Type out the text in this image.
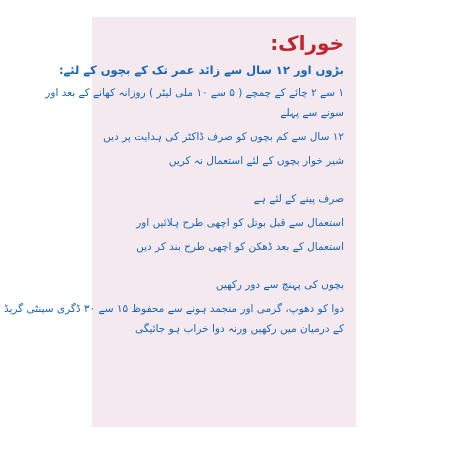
خوراک:
بڑوں اور ۱۲ سال سے زائد عمر تک کے بچوں کے لئے:
۱ سے ۲ چائے کے چمچے ( ۵ سے ۱۰ ملی لیٹر ) روزانہ کھانے کے بعد اور
سونے سے پہلے
۱۲ سال سے کم بچوں کو صرف ڈاکٹر کی ہدایت پر دیں
شیر خوار بچوں کے لئے استعمال نہ کریں
صرف پینے کے لئے ہے
استعمال سے قبل بوتل کو اچھی طرح ہلائیں اور
استعمال کے بعد ڈھکن کو اچھی طرح بند کر دیں
بچوں کی پہنچ سے دور رکھیں
دوا کو دھوپ، گرمی اور منجمد ہونے سے محفوظ ۱۵ سے ۳۰ ڈگری سینٹی گریڈ
کے درمیان میں رکھیں ورنہ دوا خراب ہو جائیگی
